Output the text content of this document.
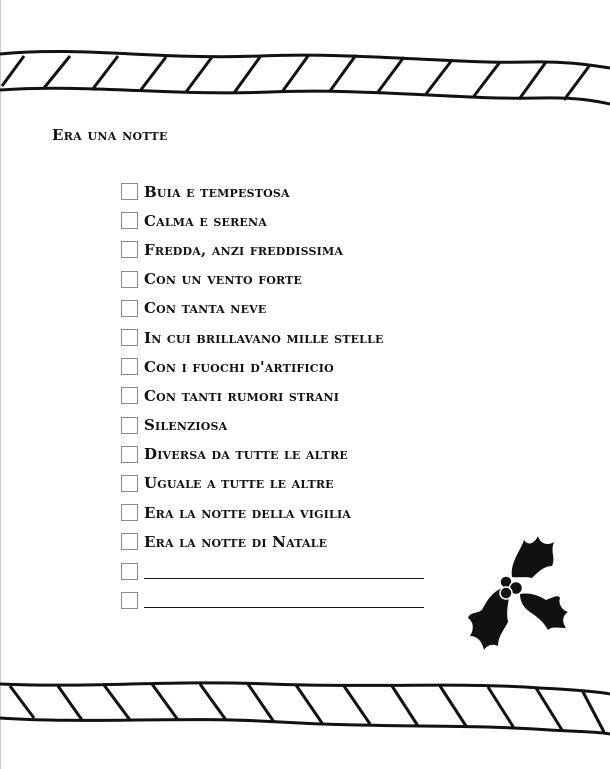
Era una notte
Buia e tempestosa
Calma e serena
Fredda, anzi freddissima
Con un vento forte
Con tanta neve
In cui brillavano mille stelle
Con i fuochi d'artificio
Con tanti rumori strani
Silenziosa
Diversa da tutte le altre
Uguale a tutte le altre
Era la notte della vigilia
Era la notte di Natale
